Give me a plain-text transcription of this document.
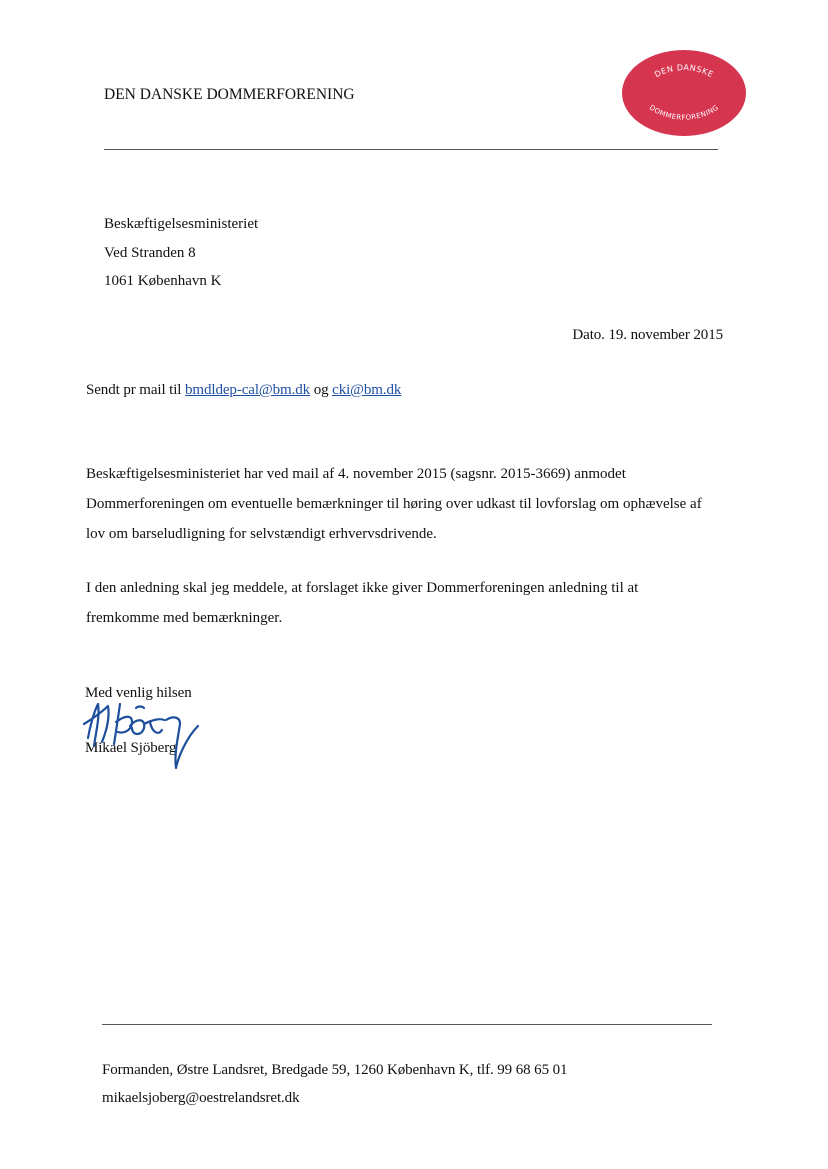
DEN DANSKE DOMMERFORENING
DEN DANSKE
DOMMERFORENING
Beskæftigelsesministeriet
Ved Stranden 8
1061 København K
Dato. 19. november 2015
Sendt pr mail til bmdldep-cal@bm.dk og cki@bm.dk
Beskæftigelsesministeriet har ved mail af 4. november 2015 (sagsnr. 2015-3669) anmodet
Dommerforeningen om eventuelle bemærkninger til høring over udkast til lovforslag om ophævelse af
lov om barseludligning for selvstændigt erhvervsdrivende.
I den anledning skal jeg meddele, at forslaget ikke giver Dommerforeningen anledning til at
fremkomme med bemærkninger.
Med venlig hilsen
Mikael Sjöberg
Formanden, Østre Landsret, Bredgade 59, 1260 København K, tlf. 99 68 65 01
mikaelsjoberg@oestrelandsret.dk
